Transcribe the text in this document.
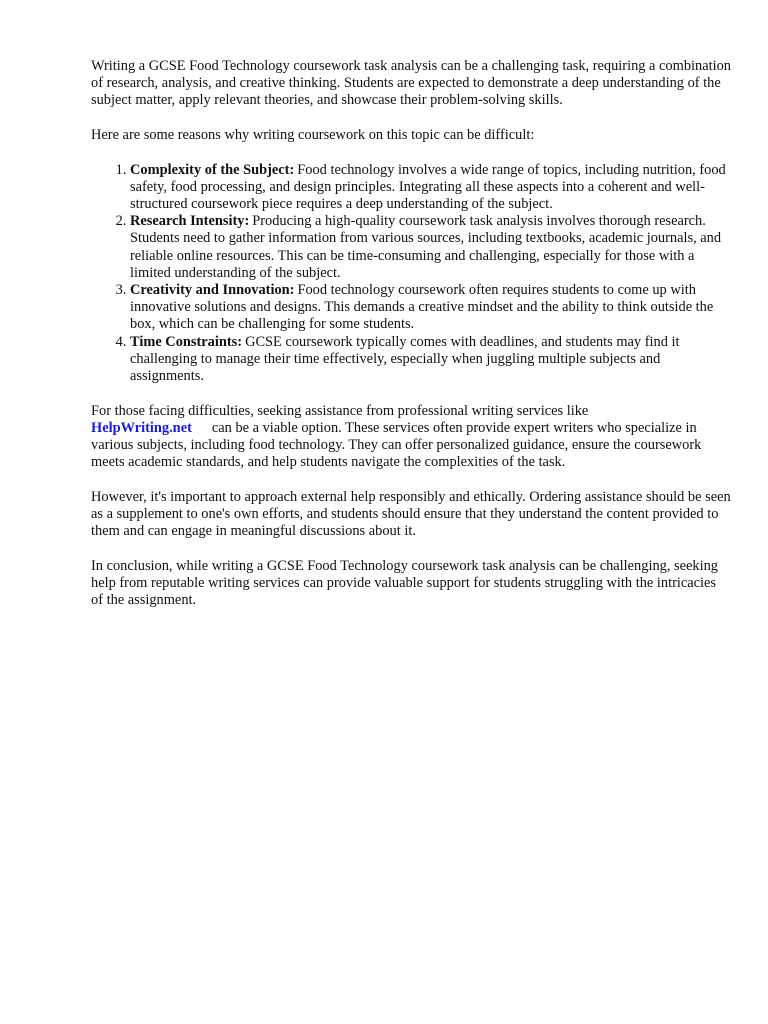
Writing a GCSE Food Technology coursework task analysis can be a challenging task, requiring a combination of research, analysis, and creative thinking. Students are expected to demonstrate a deep understanding of the subject matter, apply relevant theories, and showcase their problem-solving skills.

Here are some reasons why writing coursework on this topic can be difficult:

1. Complexity of the Subject: Food technology involves a wide range of topics, including nutrition, food safety, food processing, and design principles. Integrating all these aspects into a coherent and well-structured coursework piece requires a deep understanding of the subject.
2. Research Intensity: Producing a high-quality coursework task analysis involves thorough research. Students need to gather information from various sources, including textbooks, academic journals, and reliable online resources. This can be time-consuming and challenging, especially for those with a limited understanding of the subject.
3. Creativity and Innovation: Food technology coursework often requires students to come up with innovative solutions and designs. This demands a creative mindset and the ability to think outside the box, which can be challenging for some students.
4. Time Constraints: GCSE coursework typically comes with deadlines, and students may find it challenging to manage their time effectively, especially when juggling multiple subjects and assignments.

For those facing difficulties, seeking assistance from professional writing services like HelpWriting.net can be a viable option. These services often provide expert writers who specialize in various subjects, including food technology. They can offer personalized guidance, ensure the coursework meets academic standards, and help students navigate the complexities of the task.

However, it's important to approach external help responsibly and ethically. Ordering assistance should be seen as a supplement to one's own efforts, and students should ensure that they understand the content provided to them and can engage in meaningful discussions about it.

In conclusion, while writing a GCSE Food Technology coursework task analysis can be challenging, seeking help from reputable writing services can provide valuable support for students struggling with the intricacies of the assignment.
